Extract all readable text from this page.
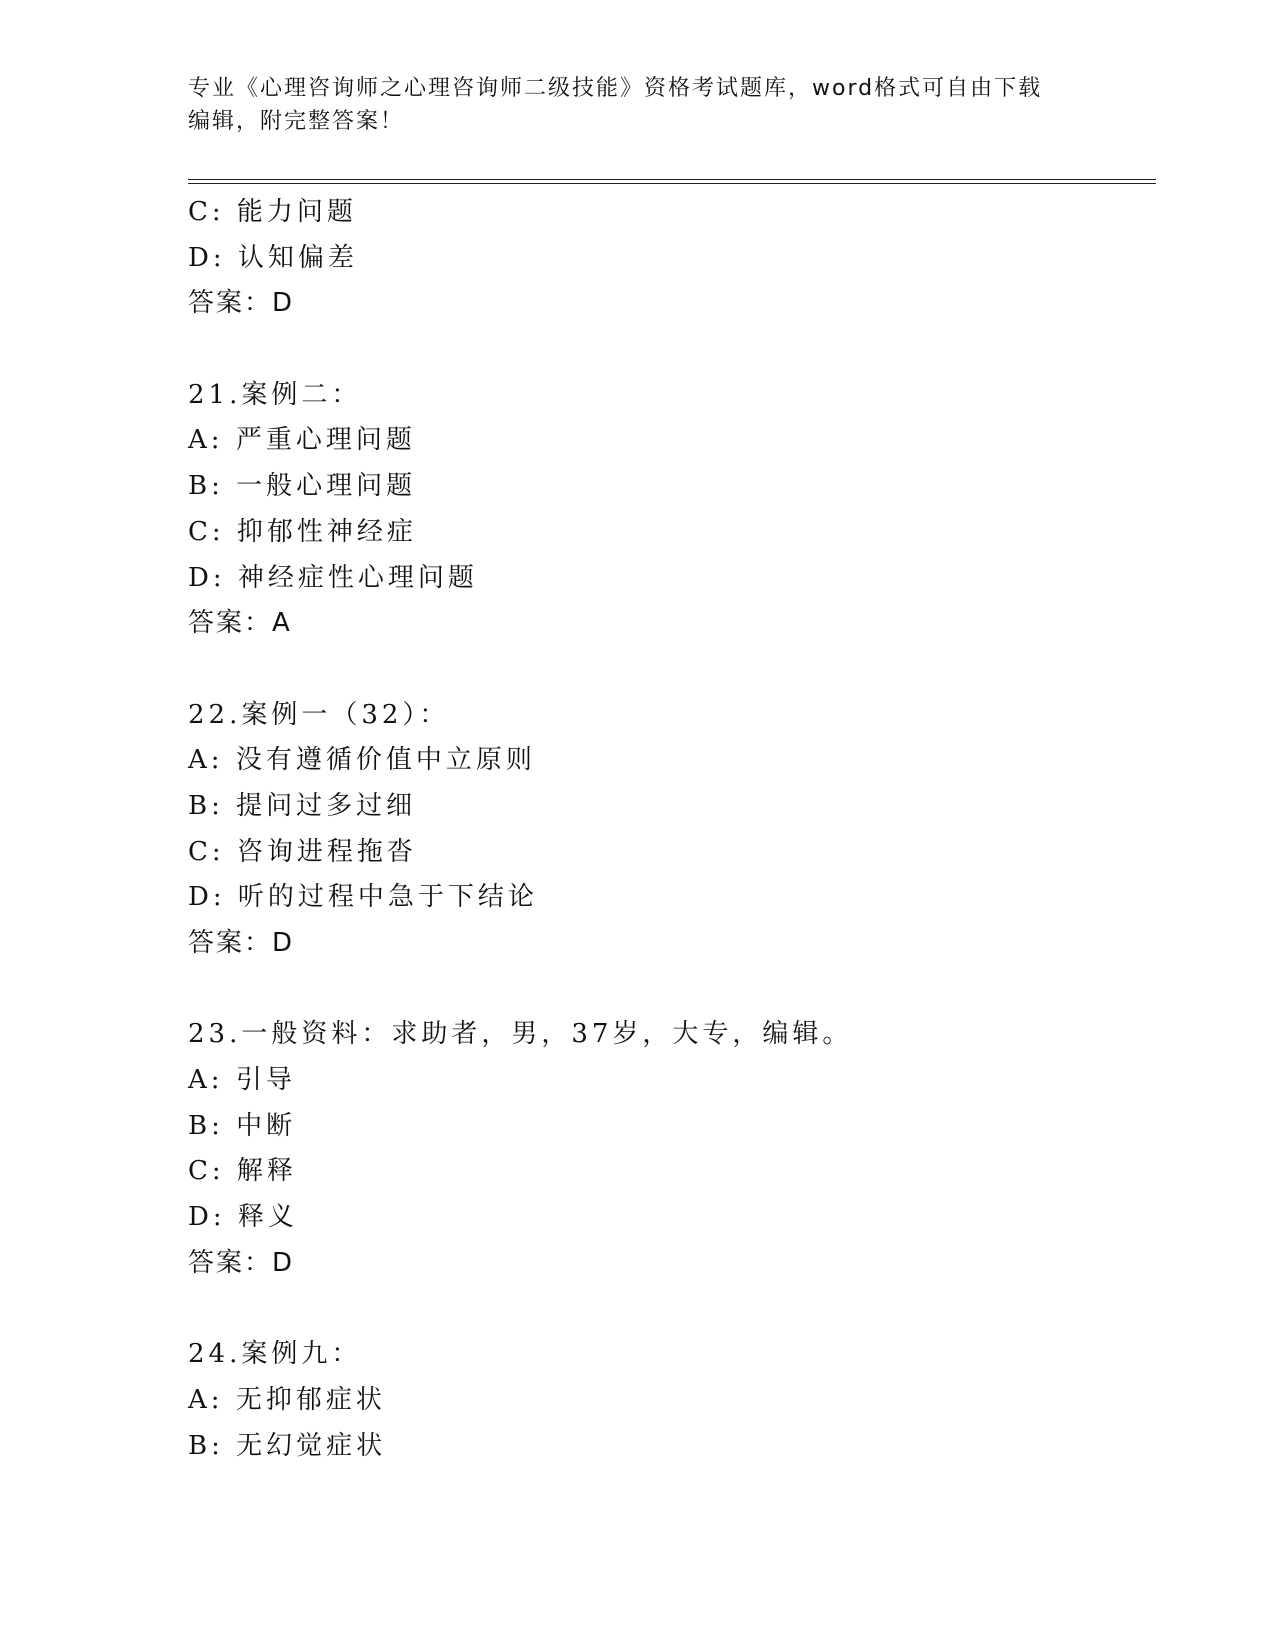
专业《心理咨询师之心理咨询师二级技能》资格考试题库，word格式可自由下载
编辑，附完整答案！
C: 能力问题
D: 认知偏差
答案：D
21.案例二：
A: 严重心理问题
B: 一般心理问题
C: 抑郁性神经症
D: 神经症性心理问题
答案：A
22.案例一（32）：
A: 没有遵循价值中立原则
B: 提问过多过细
C: 咨询进程拖沓
D: 听的过程中急于下结论
答案：D
23.一般资料：求助者，男，37岁，大专，编辑。
A: 引导
B: 中断
C: 解释
D: 释义
答案：D
24.案例九：
A: 无抑郁症状
B: 无幻觉症状
